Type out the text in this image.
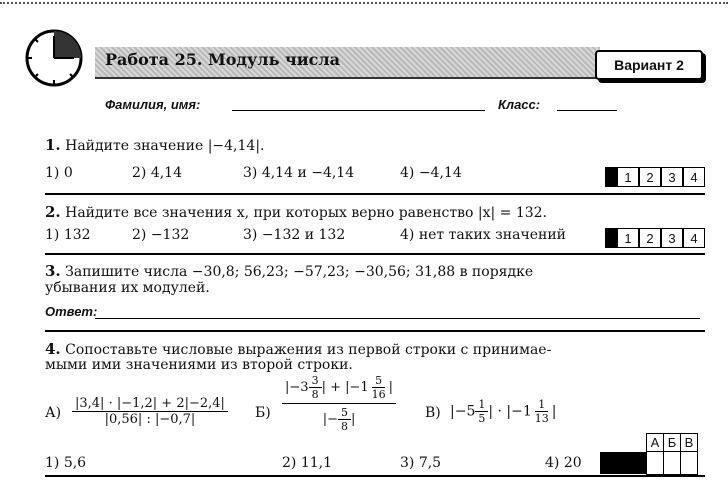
Работа 25. Модуль числа	Вариант 2
Фамилия, имя:	Класс:
1. Найдите значение |−4,14|.
1) 0	2) 4,14	3) 4,14 и −4,14	4) −4,14	1	2	3	4
2. Найдите все значения x, при которых верно равенство |x| = 132.
1) 132	2) −132	3) −132 и 132	4) нет таких значений	1	2	3	4
3. Запишите числа −30,8; 56,23; −57,23; −30,56; 31,88 в порядке
убывания их модулей.
Ответ:
4. Сопоставьте числовые выражения из первой строки с принимае-
мыми ими значениями из второй строки.
$А) \frac{|3,4| \cdot |-1,2| + 2|-2,4|}{|0,56| : |-0,7|} Б) \frac{|-3 \frac{3}{8} | + |-1 \frac{5}{16} |}{|- \frac{5}{8} |} В$) $|-5 \frac{1}{5}$ | · $|-1 \frac{1}{13}$ |
1) 5,6	2) 11,1	3) 7,5	4) 20
А	Б	В
